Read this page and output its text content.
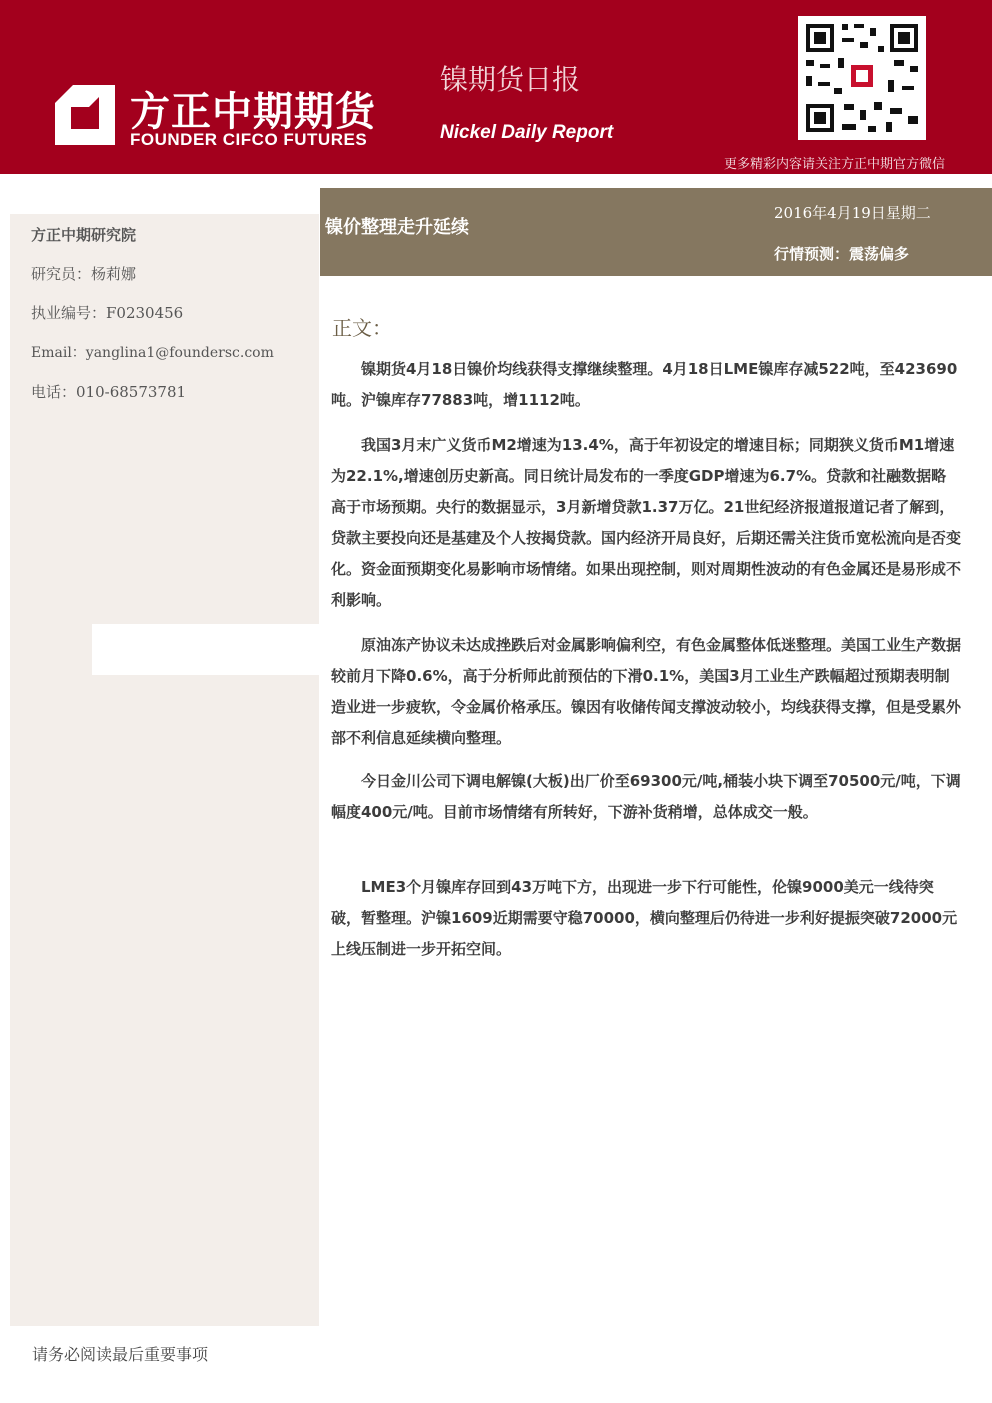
方正中期期货
FOUNDER CIFCO FUTURES
镍期货日报
Nickel Daily Report
更多精彩内容请关注方正中期官方微信
方正中期研究院
研究员：杨莉娜
执业编号：F0230456
Email：yanglina1@foundersc.com
电话：010-68573781
镍价整理走升延续
2016年4月19日星期二
行情预测：震荡偏多
正文：

镍期货4月18日镍价均线获得支撑继续整理。4月18日LME镍库存减522吨，至423690吨。沪镍库存77883吨，增1112吨。

我国3月末广义货币M2增速为13.4%，高于年初设定的增速目标；同期狭义货币M1增速为22.1%,增速创历史新高。同日统计局发布的一季度GDP增速为6.7%。贷款和社融数据略高于市场预期。央行的数据显示，3月新增贷款1.37万亿。21世纪经济报道报道记者了解到，贷款主要投向还是基建及个人按揭贷款。国内经济开局良好，后期还需关注货币宽松流向是否变化。资金面预期变化易影响市场情绪。如果出现控制，则对周期性波动的有色金属还是易形成不利影响。

原油冻产协议未达成挫跌后对金属影响偏利空，有色金属整体低迷整理。美国工业生产数据较前月下降0.6%，高于分析师此前预估的下滑0.1%，美国3月工业生产跌幅超过预期表明制造业进一步疲软，令金属价格承压。镍因有收储传闻支撑波动较小，均线获得支撑，但是受累外部不利信息延续横向整理。

今日金川公司下调电解镍(大板)出厂价至69300元/吨,桶装小块下调至70500元/吨，下调幅度400元/吨。目前市场情绪有所转好，下游补货稍增，总体成交一般。

LME3个月镍库存回到43万吨下方，出现进一步下行可能性，伦镍9000美元一线待突破，暂整理。沪镍1609近期需要守稳70000，横向整理后仍待进一步利好提振突破72000元上线压制进一步开拓空间。

请务必阅读最后重要事项
